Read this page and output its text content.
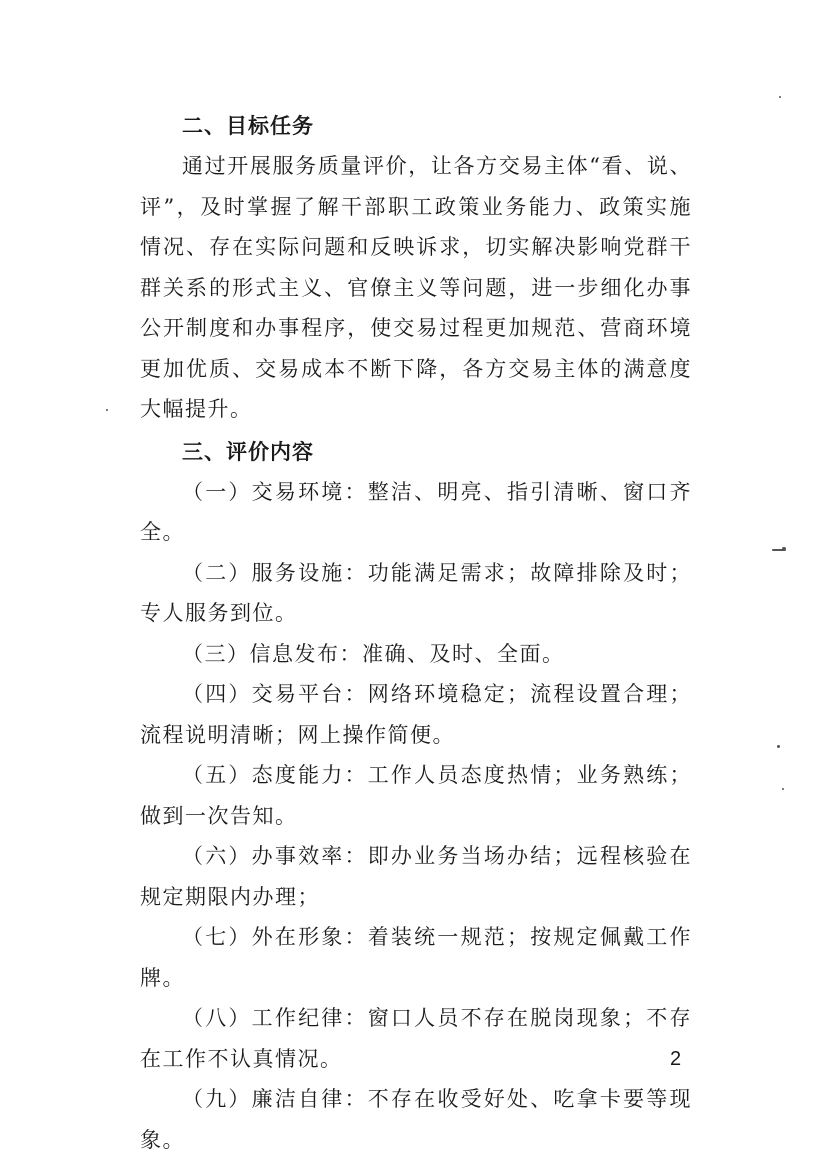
二、目标任务

通过开展服务质量评价，让各方交易主体“看、说、评”，及时掌握了解干部职工政策业务能力、政策实施情况、存在实际问题和反映诉求，切实解决影响党群干群关系的形式主义、官僚主义等问题，进一步细化办事公开制度和办事程序，使交易过程更加规范、营商环境更加优质、交易成本不断下降，各方交易主体的满意度大幅提升。

三、评价内容

（一）交易环境：整洁、明亮、指引清晰、窗口齐全。

（二）服务设施：功能满足需求；故障排除及时；专人服务到位。

（三）信息发布：准确、及时、全面。

（四）交易平台：网络环境稳定；流程设置合理；流程说明清晰；网上操作简便。

（五）态度能力：工作人员态度热情；业务熟练；做到一次告知。

（六）办事效率：即办业务当场办结；远程核验在规定期限内办理；

（七）外在形象：着装统一规范；按规定佩戴工作牌。

（八）工作纪律：窗口人员不存在脱岗现象；不存在工作不认真情况。

（九）廉洁自律：不存在收受好处、吃拿卡要等现象。

2
